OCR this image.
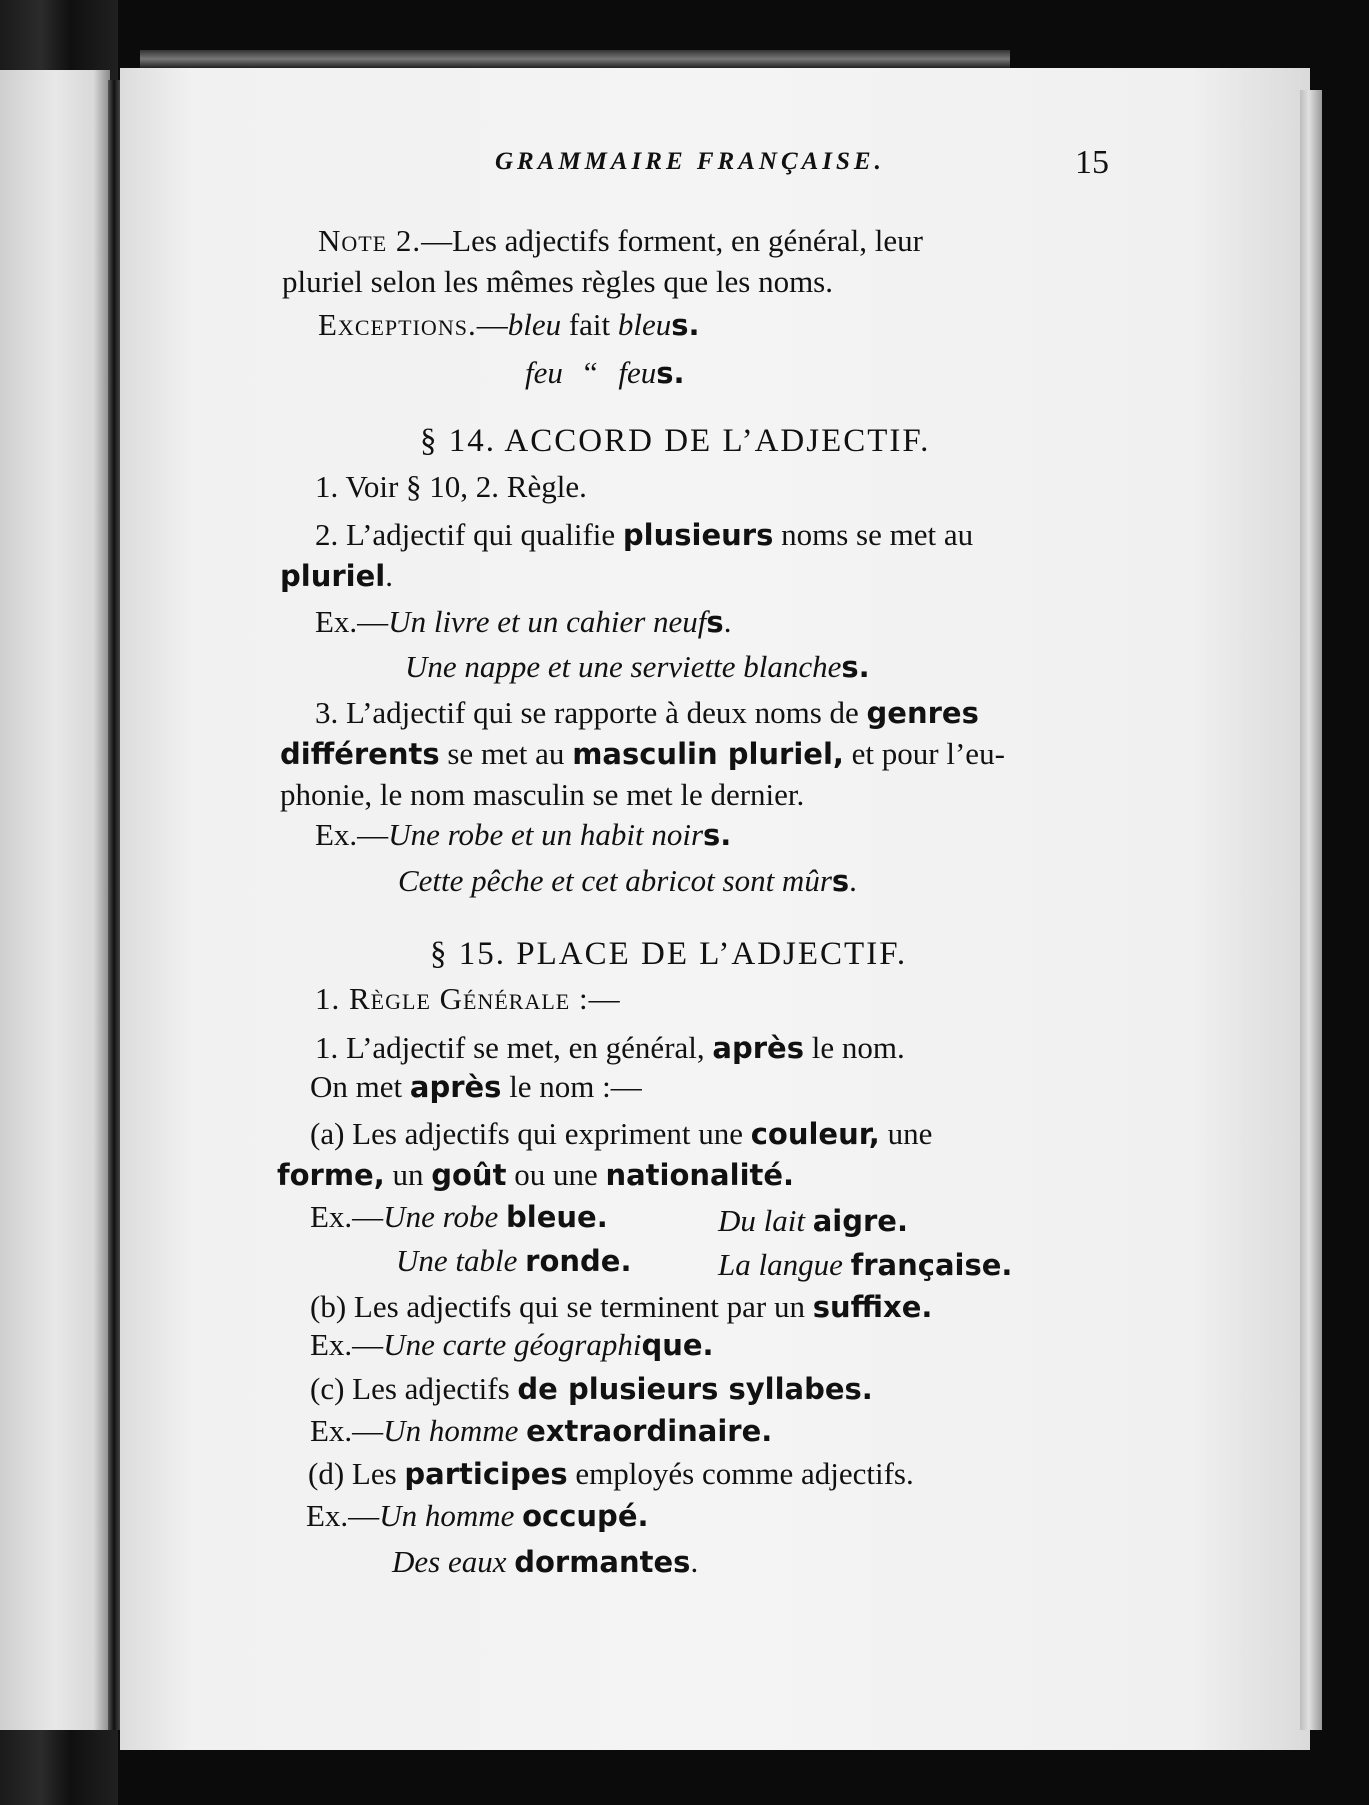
GRAMMAIRE FRANÇAISE.	15
Note 2.—Les adjectifs forment, en général, leur
pluriel selon les mêmes règles que les noms.
Exceptions.—bleu fait bleus.
feu “ feus.
§ 14. ACCORD DE L’ADJECTIF.
1. Voir § 10, 2. Règle.
2. L’adjectif qui qualifie plusieurs noms se met au
pluriel.
Ex.—Un livre et un cahier neufs.
Une nappe et une serviette blanches.
3. L’adjectif qui se rapporte à deux noms de genres
différents se met au masculin pluriel, et pour l’eu-
phonie, le nom masculin se met le dernier.
Ex.—Une robe et un habit noirs.
Cette pêche et cet abricot sont mûrs.
§ 15. PLACE DE L’ADJECTIF.
1. Règle Générale :—
1. L’adjectif se met, en général, après le nom.
On met après le nom :—
(a) Les adjectifs qui expriment une couleur, une
forme, un goût ou une nationalité.
Ex.—Une robe bleue.	Du lait aigre.
Une table ronde.	La langue française.
(b) Les adjectifs qui se terminent par un suffixe.
Ex.—Une carte géographique.
(c) Les adjectifs de plusieurs syllabes.
Ex.—Un homme extraordinaire.
(d) Les participes employés comme adjectifs.
Ex.—Un homme occupé.
Des eaux dormantes.
